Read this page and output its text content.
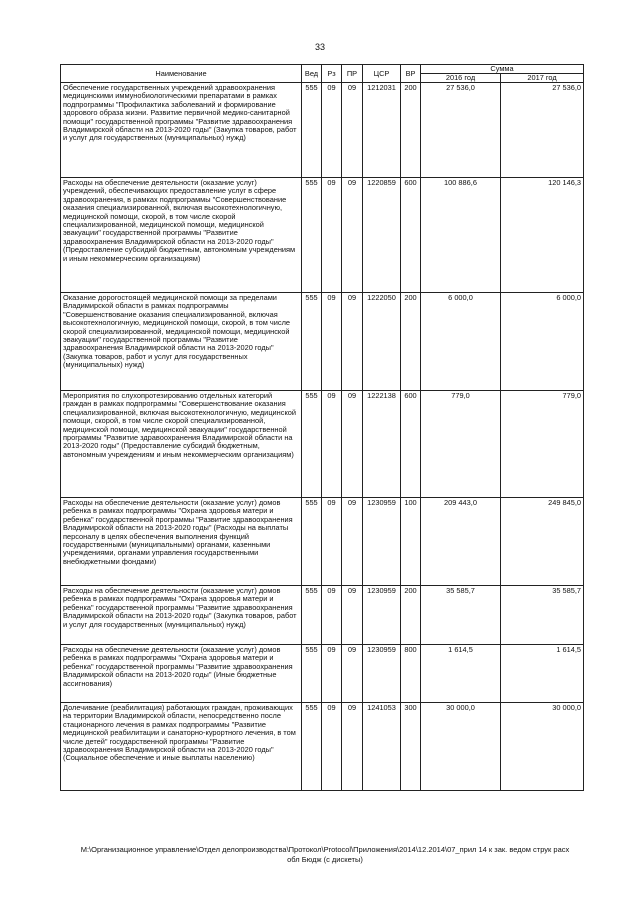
33
Наименование	Вед	Рз	ПР	ЦСР	ВР	Сумма	
						2016 год	2017 год
Обеспечение государственных учреждений здравоохранения медицинскими иммунобиологическими препаратами в рамках подпрограммы "Профилактика заболеваний и формирование здорового образа жизни. Развитие первичной медико-санитарной помощи" государственной программы "Развитие здравоохранения Владимирской области на 2013-2020 годы" (Закупка товаров, работ и услуг для государственных (муниципальных) нужд)	555	09	09	1212031	200	27 536,0	27 536,0
Расходы на обеспечение деятельности (оказание услуг) учреждений, обеспечивающих предоставление услуг в сфере здравоохранения, в рамках подпрограммы "Совершенствование оказания специализированной, включая высокотехнологичную, медицинской помощи, скорой, в том числе скорой специализированной, медицинской помощи, медицинской эвакуации" государственной программы "Развитие здравоохранения Владимирской области на 2013-2020 годы" (Предоставление субсидий бюджетным, автономным учреждениям и иным некоммерческим организациям)	555	09	09	1220859	600	100 886,6	120 146,3
Оказание дорогостоящей медицинской помощи за пределами Владимирской области в рамках подпрограммы "Совершенствование оказания специализированной, включая высокотехнологичную, медицинской помощи, скорой, в том числе скорой специализированной, медицинской помощи, медицинской эвакуации" государственной программы "Развитие здравоохранения Владимирской области на 2013-2020 годы" (Закупка товаров, работ и услуг для государственных (муниципальных) нужд)	555	09	09	1222050	200	6 000,0	6 000,0
Мероприятия по слухопротезированию отдельных категорий граждан в рамках подпрограммы "Совершенствование оказания специализированной, включая высокотехнологичную, медицинской помощи, скорой, в том числе скорой специализированной, медицинской помощи, медицинской эвакуации" государственной программы "Развитие здравоохранения Владимирской области на 2013-2020 годы" (Предоставление субсидий бюджетным, автономным учреждениям и иным некоммерческим организациям)	555	09	09	1222138	600	779,0	779,0
Расходы на обеспечение деятельности (оказание услуг) домов ребенка в рамках подпрограммы "Охрана здоровья матери и ребенка" государственной программы "Развитие здравоохранения Владимирской области на 2013-2020 годы" (Расходы на выплаты персоналу в целях обеспечения выполнения функций государственными (муниципальными) органами, казенными учреждениями, органами управления государственными внебюджетными фондами)	555	09	09	1230959	100	209 443,0	249 845,0
Расходы на обеспечение деятельности (оказание услуг) домов ребенка в рамках подпрограммы "Охрана здоровья матери и ребенка" государственной программы "Развитие здравоохранения Владимирской области на 2013-2020 годы" (Закупка товаров, работ и услуг для государственных (муниципальных) нужд)	555	09	09	1230959	200	35 585,7	35 585,7
Расходы на обеспечение деятельности (оказание услуг) домов ребенка в рамках подпрограммы "Охрана здоровья матери и ребенка" государственной программы "Развитие здравоохранения Владимирской области на 2013-2020 годы" (Иные бюджетные ассигнования)	555	09	09	1230959	800	1 614,5	1 614,5
Долечивание (реабилитация) работающих граждан, проживающих на территории Владимирской области, непосредственно после стационарного лечения в рамках подпрограммы "Развитие медицинской реабилитации и санаторно-курортного лечения, в том числе детей" государственной программы "Развитие здравоохранения Владимирской области на 2013-2020 годы" (Социальное обеспечение и иные выплаты населению)	555	09	09	1241053	300	30 000,0	30 000,0
M:\Организационное управление\Отдел делопроизводства\Протокол\Protocol\Приложения\2014\12.2014\07_прил 14 к зак. ведом струк расх
обл Бюдж (с дискеты)
